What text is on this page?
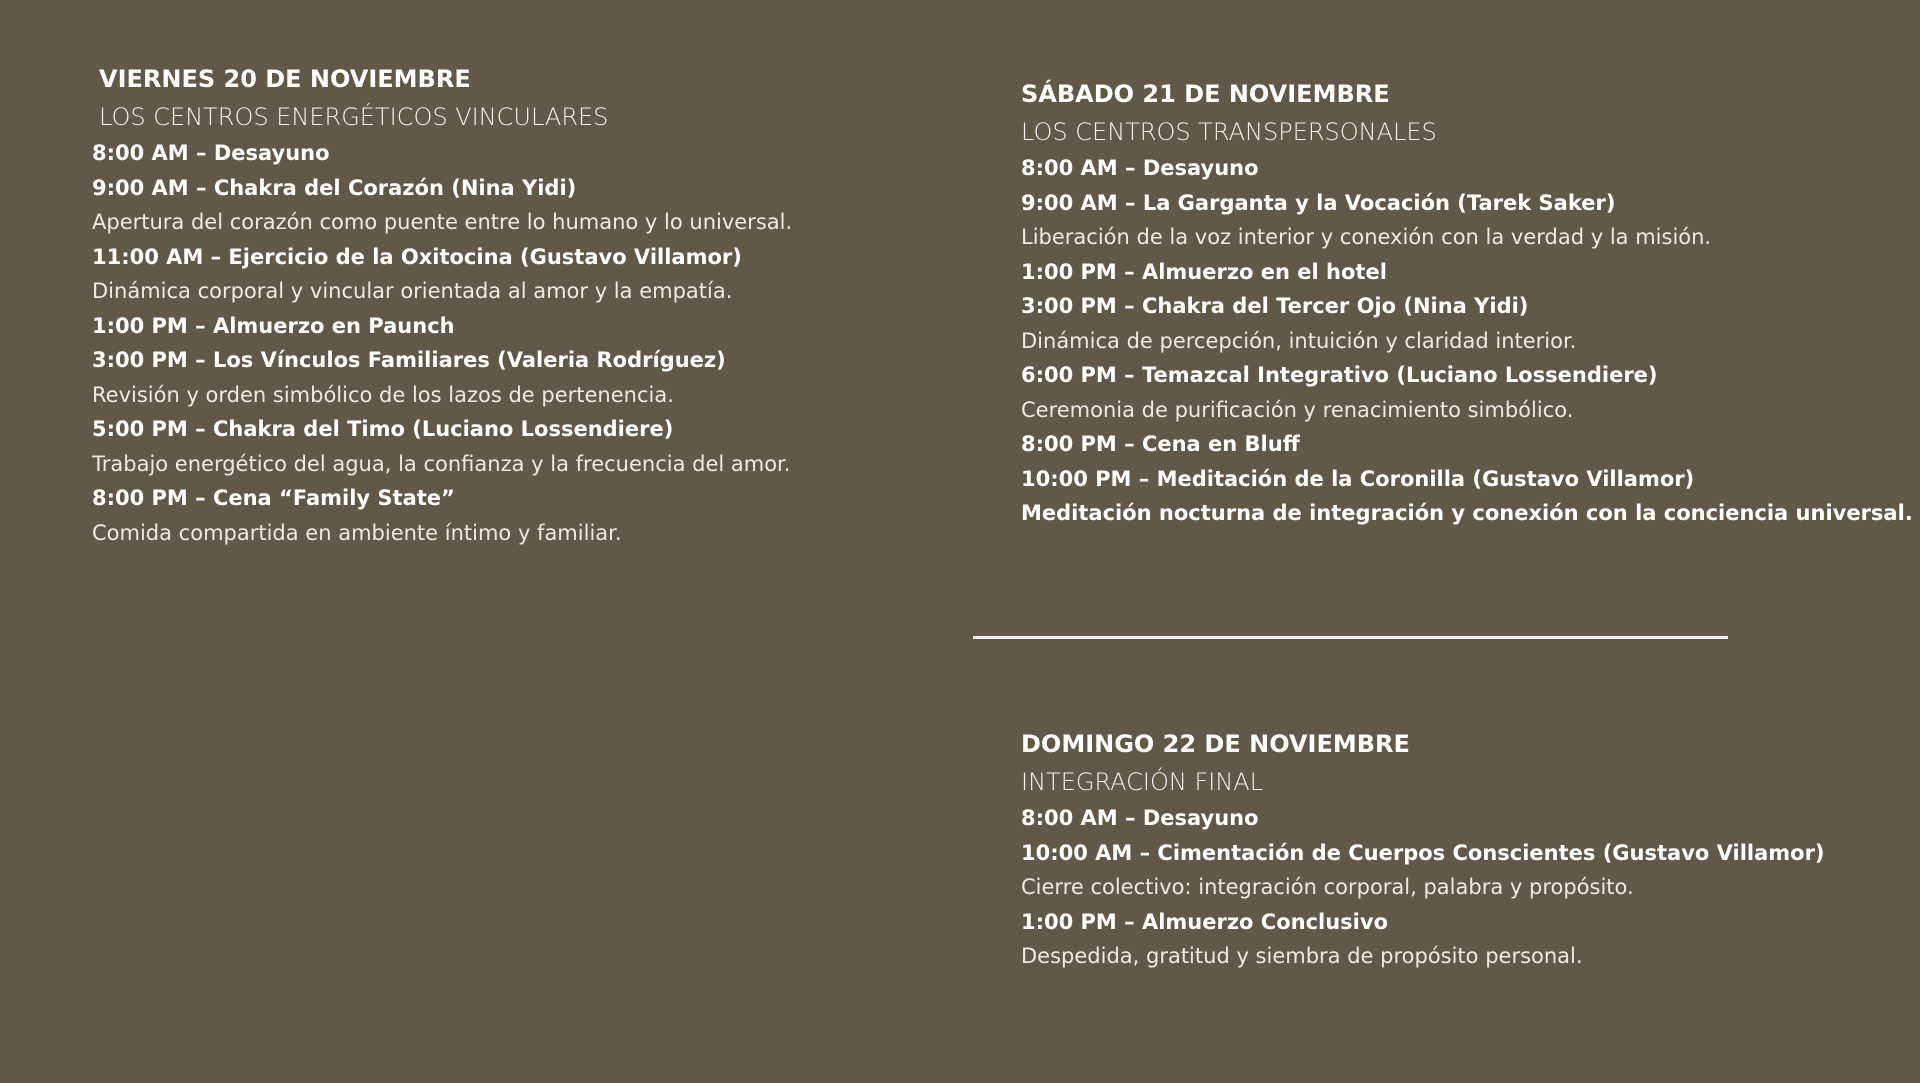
VIERNES 20 DE NOVIEMBRE
LOS CENTROS ENERGÉTICOS VINCULARES
8:00 AM – Desayuno
9:00 AM – Chakra del Corazón (Nina Yidi)
Apertura del corazón como puente entre lo humano y lo universal.
11:00 AM – Ejercicio de la Oxitocina (Gustavo Villamor)
Dinámica corporal y vincular orientada al amor y la empatía.
1:00 PM – Almuerzo en Paunch
3:00 PM – Los Vínculos Familiares (Valeria Rodríguez)
Revisión y orden simbólico de los lazos de pertenencia.
5:00 PM – Chakra del Timo (Luciano Lossendiere)
Trabajo energético del agua, la confianza y la frecuencia del amor.
8:00 PM – Cena “Family State”
Comida compartida en ambiente íntimo y familiar.
SÁBADO 21 DE NOVIEMBRE
LOS CENTROS TRANSPERSONALES
8:00 AM – Desayuno
9:00 AM – La Garganta y la Vocación (Tarek Saker)
Liberación de la voz interior y conexión con la verdad y la misión.
1:00 PM – Almuerzo en el hotel
3:00 PM – Chakra del Tercer Ojo (Nina Yidi)
Dinámica de percepción, intuición y claridad interior.
6:00 PM – Temazcal Integrativo (Luciano Lossendiere)
Ceremonia de purificación y renacimiento simbólico.
8:00 PM – Cena en Bluff
10:00 PM – Meditación de la Coronilla (Gustavo Villamor)
Meditación nocturna de integración y conexión con la conciencia universal.
DOMINGO 22 DE NOVIEMBRE
INTEGRACIÓN FINAL
8:00 AM – Desayuno
10:00 AM – Cimentación de Cuerpos Conscientes (Gustavo Villamor)
Cierre colectivo: integración corporal, palabra y propósito.
1:00 PM – Almuerzo Conclusivo
Despedida, gratitud y siembra de propósito personal.
